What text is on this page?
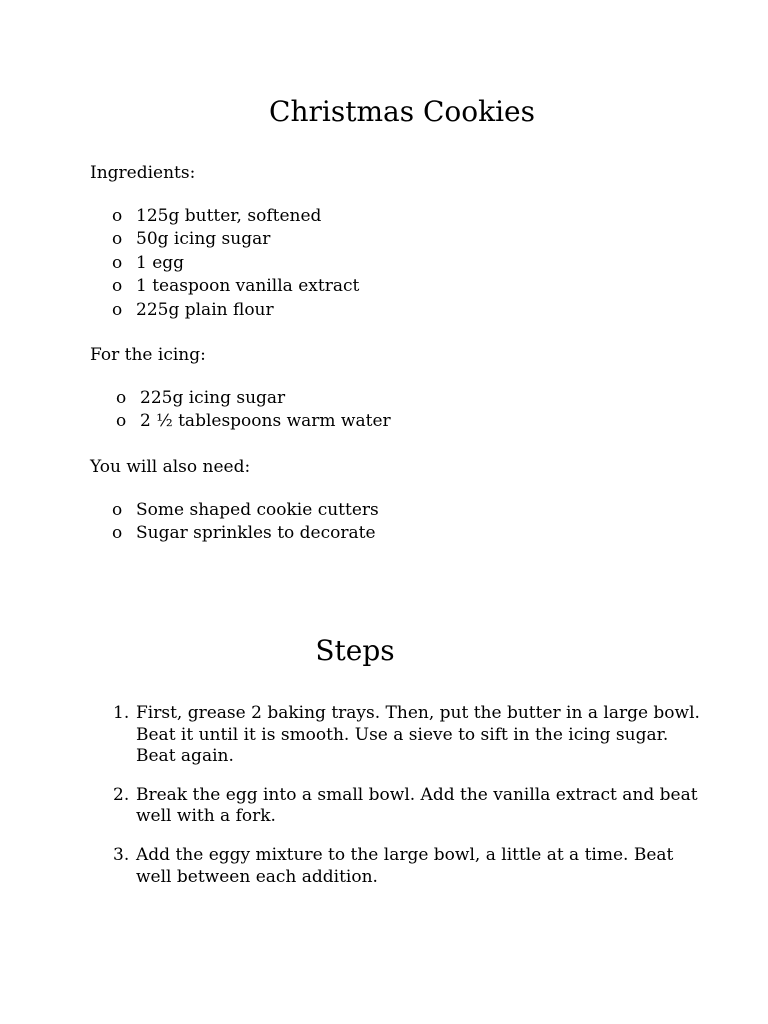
Christmas Cookies

Ingredients:

o 125g butter, softened
o 50g icing sugar
o 1 egg
o 1 teaspoon vanilla extract
o 225g plain flour

For the icing:

o 225g icing sugar
o 2 ½ tablespoons warm water

You will also need:

o Some shaped cookie cutters
o Sugar sprinkles to decorate
Steps
1. First, grease 2 baking trays. Then, put the butter in a large bowl. Beat it until it is smooth. Use a sieve to sift in the icing sugar. Beat again.
2. Break the egg into a small bowl. Add the vanilla extract and beat well with a fork.
3. Add the eggy mixture to the large bowl, a little at a time. Beat well between each addition.
